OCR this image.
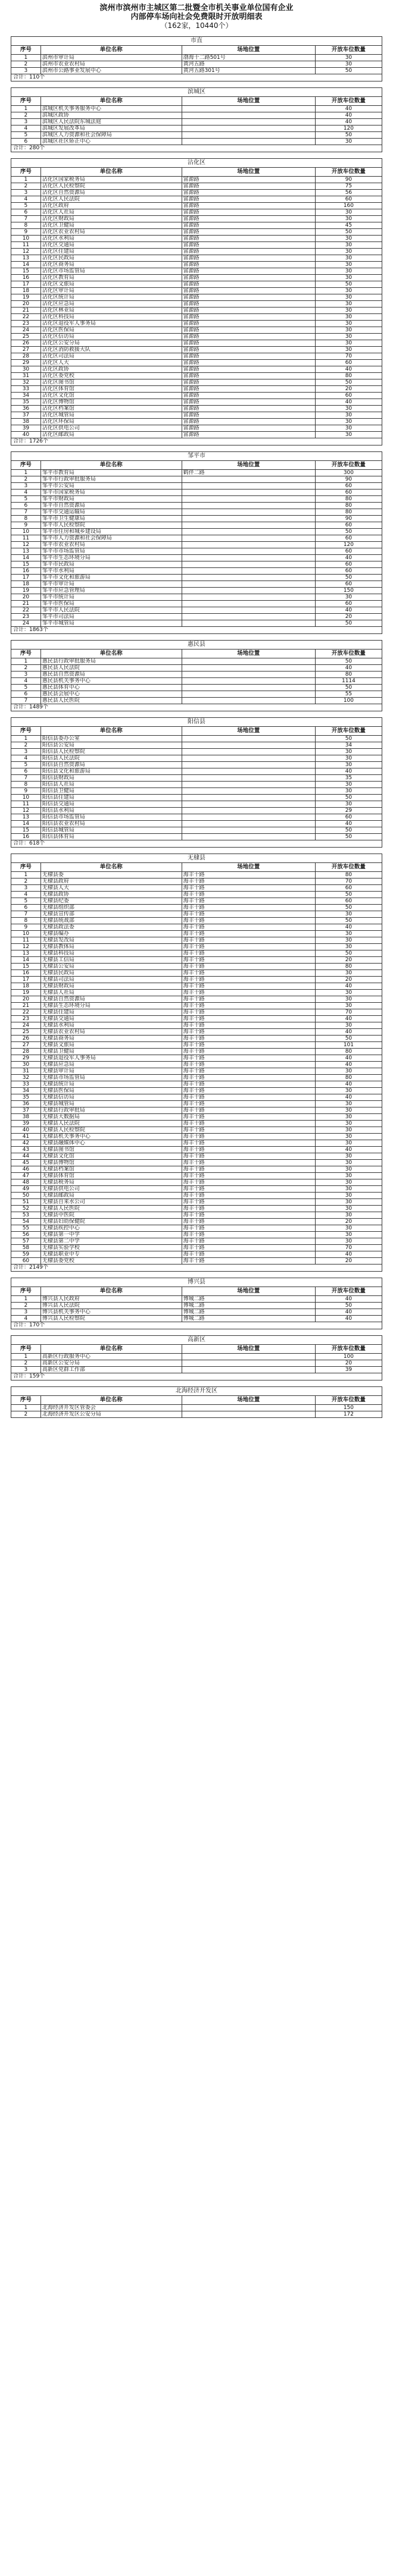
滨州市滨州市主城区第二批暨全市机关事业单位国有企业
内部停车场向社会免费限时开放明细表
（162家，10440个）
市直
序号	单位名称	场地位置	开放车位数量
1	滨州市审计局	渤海十二路501号	30
2	滨州市农业农村局	黄河五路	30
3	滨州市公路事业发展中心	黄河五路301号	50
合计：110个
滨城区
序号	单位名称	场地位置	开放车位数量
1	滨城区机关事务服务中心		40
2	滨城区政协		40
3	滨城区人民法院东城法庭		40
4	滨城区发展改革局		120
5	滨城区人力资源和社会保障局		50
6	滨城区社区矫正中心		30
合计：280个
沾化区
序号	单位名称	场地位置	开放车位数量
1	沾化区国家税务局	富源路	90
2	沾化区人民检察院	富源路	75
3	沾化区自然资源局	富源路	56
4	沾化区人民法院	富源路	60
5	沾化区政府	富源路	160
6	沾化区人社局	富源路	30
7	沾化区财政局	富源路	30
8	沾化区卫健局	富源路	45
9	沾化区农业农村局	富源路	50
10	沾化区水利局	富源路	30
11	沾化区交通局	富源路	30
12	沾化区住建局	富源路	30
13	沾化区民政局	富源路	30
14	沾化区商务局	富源路	30
15	沾化区市场监管局	富源路	30
16	沾化区教育局	富源路	30
17	沾化区文旅局	富源路	50
18	沾化区审计局	富源路	30
19	沾化区统计局	富源路	30
20	沾化区应急局	富源路	30
21	沾化区林业局	富源路	30
22	沾化区科技局	富源路	30
23	沾化区退役军人事务局	富源路	30
24	沾化区医保局	富源路	30
25	沾化区信访局	富源路	30
26	沾化区公安分局	富源路	30
27	沾化区消防救援大队	富源路	30
28	沾化区司法局	富源路	70
29	沾化区人大	富源路	60
30	沾化区政协	富源路	40
31	沾化区委党校	富源路	80
32	沾化区图书馆	富源路	50
33	沾化区体育馆	富源路	20
34	沾化区文化馆	富源路	60
35	沾化区博物馆	富源路	40
36	沾化区档案馆	富源路	30
37	沾化区城管局	富源路	30
38	沾化区环保局	富源路	30
39	沾化区供电公司	富源路	30
40	沾化区邮政局	富源路	30
合计：1726个
邹平市
序号	单位名称	场地位置	开放车位数量
1	邹平市教育局	鹤伴二路	300
2	邹平市行政审批服务局		90
3	邹平市公安局		60
4	邹平市国家税务局		60
5	邹平市财政局		80
6	邹平市自然资源局		80
7	邹平市交通运输局		80
8	邹平市卫生健康局		90
9	邹平市人民检察院		60
10	邹平市住房和城乡建设局		50
11	邹平市人力资源和社会保障局		60
12	邹平市农业农村局		120
13	邹平市市场监管局		60
14	邹平市生态环境分局		40
15	邹平市民政局		60
16	邹平市水利局		60
17	邹平市文化和旅游局		50
18	邹平市审计局		60
19	邹平市应急管理局		150
20	邹平市统计局		30
21	邹平市医保局		60
22	邹平市人民法院		40
23	邹平市司法局		20
24	邹平市城管局		50
合计：1863个
惠民县
序号	单位名称	场地位置	开放车位数量
1	惠民县行政审批服务局		50
2	惠民县人民法院		40
3	惠民县自然资源局		80
4	惠民县机关事务中心		1114
5	惠民县体育中心		50
6	惠民县会展中心		55
7	惠民县人民医院		100
合计：1489个
阳信县
序号	单位名称	场地位置	开放车位数量
1	阳信县委办公室		50
2	阳信县公安局		34
3	阳信县人民检察院		30
4	阳信县人民法院		30
5	阳信县自然资源局		30
6	阳信县文化和旅游局		40
7	阳信县财政局		35
8	阳信县人社局		30
9	阳信县卫健局		30
10	阳信县住建局		50
11	阳信县交通局		30
12	阳信县水利局		29
13	阳信县市场监管局		60
14	阳信县农业农村局		40
15	阳信县城管局		50
16	阳信县体育局		50
合计：618个
无棣县
序号	单位名称	场地位置	开放车位数量
1	无棣县委	海丰十路	80
2	无棣县政府	海丰十路	70
3	无棣县人大	海丰十路	60
4	无棣县政协	海丰十路	50
5	无棣县纪委	海丰十路	60
6	无棣县组织部	海丰十路	50
7	无棣县宣传部	海丰十路	30
8	无棣县统战部	海丰十路	50
9	无棣县政法委	海丰十路	40
10	无棣县编办	海丰十路	30
11	无棣县发改局	海丰十路	30
12	无棣县教体局	海丰十路	30
13	无棣县科技局	海丰十路	50
14	无棣县工信局	海丰十路	20
15	无棣县公安局	海丰十路	80
16	无棣县民政局	海丰十路	30
17	无棣县司法局	海丰十路	20
18	无棣县财政局	海丰十路	40
19	无棣县人社局	海丰十路	30
20	无棣县自然资源局	海丰十路	30
21	无棣县生态环境分局	海丰十路	30
22	无棣县住建局	海丰十路	70
23	无棣县交通局	海丰十路	40
24	无棣县水利局	海丰十路	30
25	无棣县农业农村局	海丰十路	40
26	无棣县商务局	海丰十路	50
27	无棣县文旅局	海丰十路	101
28	无棣县卫健局	海丰十路	80
29	无棣县退役军人事务局	海丰十路	40
30	无棣县应急局	海丰十路	40
31	无棣县审计局	海丰十路	30
32	无棣县市场监管局	海丰十路	80
33	无棣县统计局	海丰十路	40
34	无棣县医保局	海丰十路	30
35	无棣县信访局	海丰十路	40
36	无棣县城管局	海丰十路	30
37	无棣县行政审批局	海丰十路	30
38	无棣县大数据局	海丰十路	30
39	无棣县人民法院	海丰十路	30
40	无棣县人民检察院	海丰十路	30
41	无棣县机关事务中心	海丰十路	30
42	无棣县融媒体中心	海丰十路	30
43	无棣县图书馆	海丰十路	40
44	无棣县文化馆	海丰十路	30
45	无棣县博物馆	海丰十路	30
46	无棣县档案馆	海丰十路	30
47	无棣县体育馆	海丰十路	30
48	无棣县税务局	海丰十路	30
49	无棣县供电公司	海丰十路	30
50	无棣县邮政局	海丰十路	30
51	无棣县自来水公司	海丰十路	30
52	无棣县人民医院	海丰十路	30
53	无棣县中医院	海丰十路	30
54	无棣县妇幼保健院	海丰十路	20
55	无棣县疾控中心	海丰十路	30
56	无棣县第一中学	海丰十路	30
57	无棣县第二中学	海丰十路	30
58	无棣县实验学校	海丰十路	70
59	无棣县职业中专	海丰十路	40
60	无棣县委党校	海丰十路	20
合计：2149个
博兴县
序号	单位名称	场地位置	开放车位数量
1	博兴县人民政府	博城二路	40
2	博兴县人民法院	博城二路	50
3	博兴县机关事务中心	博城二路	40
4	博兴县人民检察院	博城二路	40
合计：170个
高新区
序号	单位名称	场地位置	开放车位数量
1	高新区行政服务中心		100
2	高新区公安分局		20
3	高新区党群工作部		39
合计：159个
北海经济开发区
序号	单位名称	场地位置	开放车位数量
1	北海经济开发区管委会		150
2	北海经济开发区公安分局		172
